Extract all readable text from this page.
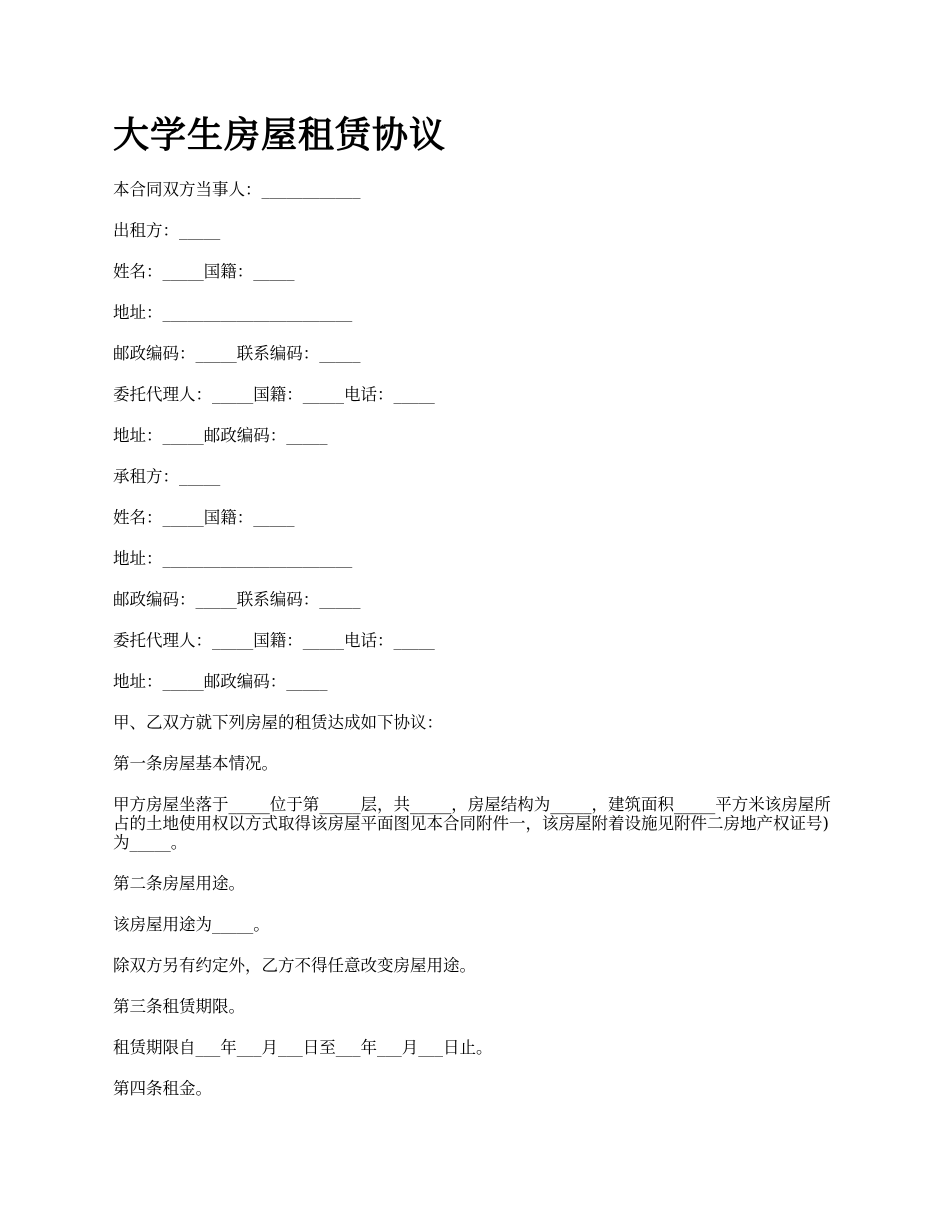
大学生房屋租赁协议

本合同双方当事人：____________

出租方：_____

姓名：_____国籍：_____

地址：_______________________

邮政编码：_____联系编码：_____

委托代理人：_____国籍：_____电话：_____

地址：_____邮政编码：_____

承租方：_____

姓名：_____国籍：_____

地址：_______________________

邮政编码：_____联系编码：_____

委托代理人：_____国籍：_____电话：_____

地址：_____邮政编码：_____

甲、乙双方就下列房屋的租赁达成如下协议：

第一条房屋基本情况。

甲方房屋坐落于_____位于第_____层，共_____，房屋结构为_____，建筑面积_____平方米该房屋所占的土地使用权以方式取得该房屋平面图见本合同附件一，该房屋附着设施见附件二房地产权证号)为_____。

第二条房屋用途。

该房屋用途为_____。

除双方另有约定外，乙方不得任意改变房屋用途。

第三条租赁期限。

租赁期限自___年___月___日至___年___月___日止。

第四条租金。
